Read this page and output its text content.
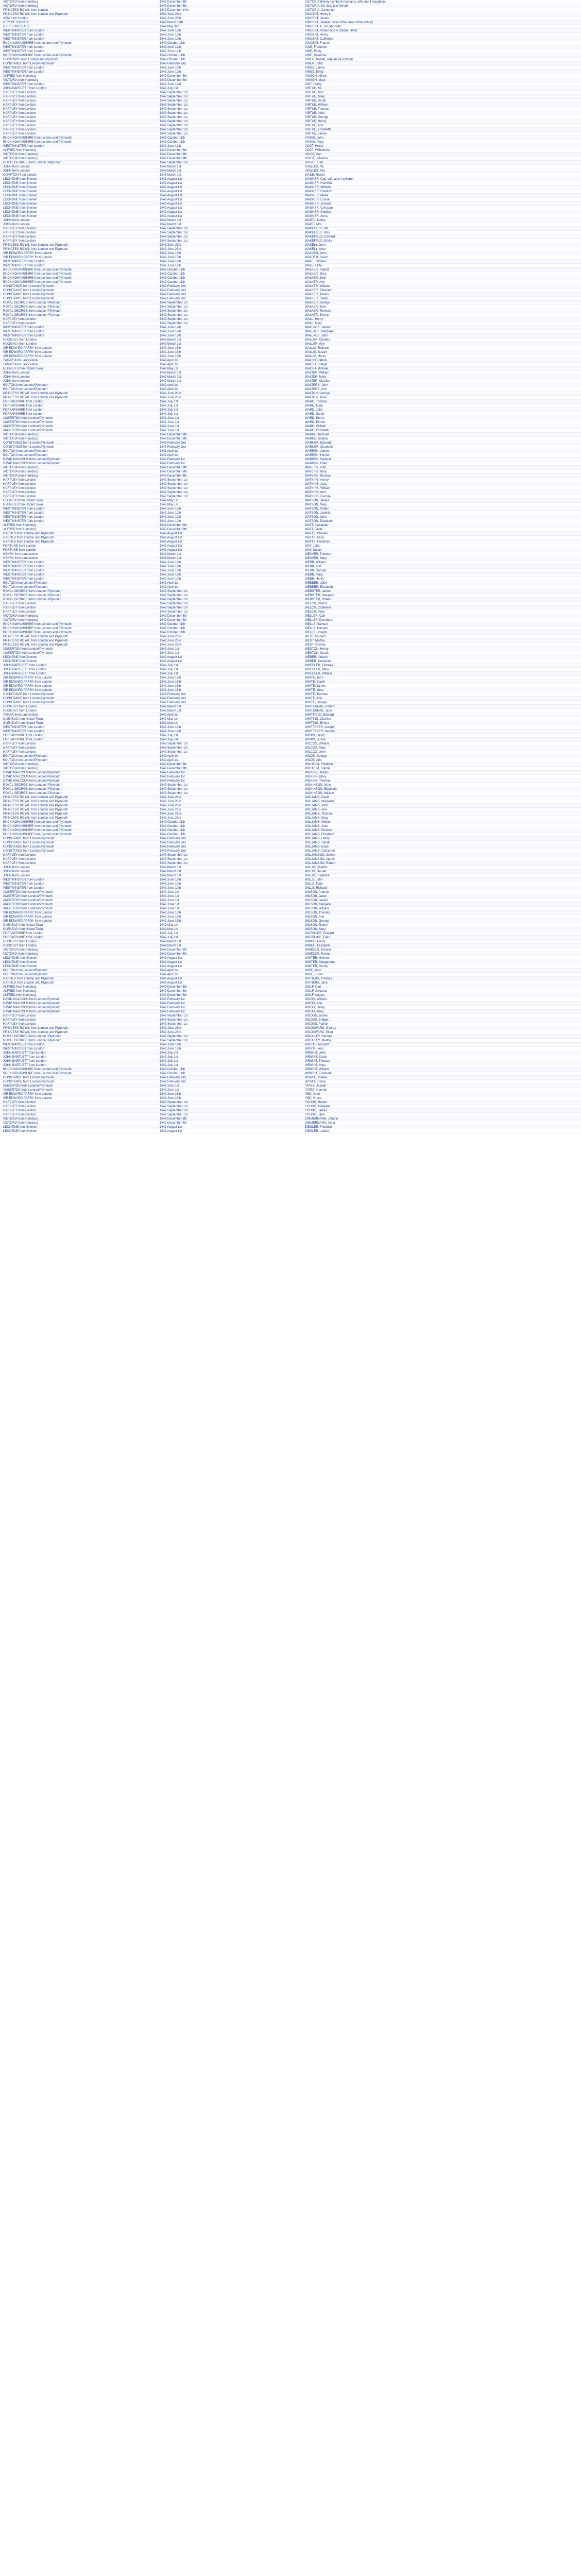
VICTORIA from Hamburg	1849 December 8th	VICTORIA (Henry Lambert) husband, wife and 4 daughters
VICTORIA from Hamburg	1849 December 8th	VICTORIA, Mr. Gao and female
PRINCESS ROYAL from London	1849 December 14th	VICTORIA, Catherine
PRINCESS ROYAL from London and Plymouth	1849 June 23rd	VINCENT, Henry L.
ASIA from London	1849 June 25th	VINCENT, James
CITY OF SYDNEY	1849 March 19th	VINCENT, Joseph - wife of the crew of the Asbury
HEREFORDSHIRE	1849 May 3rd	VINCENT, A. son and wife
WESTMINSTER from London	1849 June 12th	VINCENT, Robert and 4 children, Pilot
WESTMINSTER from London	1849 June 12th	VINCENT, Henry
WESTMINSTER from London	1849 June 12th	VINCENT, Catherine
BUCKINGHAMSHIRE from London and Plymouth	1849 October 11th	VINCENT, Francis
WESTMINSTER from London	1849 June 12th	VINE, Frederick
WESTMINSTER from London	1849 June 12th	VINE, Emily
BUCKINGHAMSHIRE from London and Plymouth	1849 October 11th	VINE, Susanna
DOCKYARD from London and Plymouth	1849 October 11th	VINER, Robert, wife and 4 children
CONSTANCE from London/Plymouth	1849 February 2nd	VINER, John
WESTMINSTER from London	1849 June 12th	VINES, James
WESTMINSTER from London	1849 June 12th	VINES, Emily
ALFRED from Hamburg	1849 December 8th	VINSON, Alfred
VICTORIA from Hamburg	1849 December 8th	VINSON, Mary
WESTMINSTER from London	1849 June 12th	VINT, Henry
JOHN BARTLETT from London	1849 July 1st	VIRTUE, Mr.
HARPLEY from London	1849 September 1st	VIRTUE, Mrs.
HARPLEY from London	1849 September 1st	VIRTUE, Mary
HARPLEY from London	1849 September 1st	VIRTUE, Sarah
HARPLEY from London	1849 September 1st	VIRTUE, William
HARPLEY from London	1849 September 1st	VIRTUE, Thomas
HARPLEY from London	1849 September 1st	VIRTUE, John
HARPLEY from London	1849 September 1st	VIRTUE, George
HARPLEY from London	1849 September 1st	VIRTUE, Henry
HARPLEY from London	1849 September 1st	VIRTUE, Ann
HARPLEY from London	1849 September 1st	VIRTUE, Elizabeth
HARPLEY from London	1849 September 1st	VIRTUE, James
BUCKINGHAMSHIRE from London and Plymouth	1849 October 11th	VIVIAN, John
BUCKINGHAMSHIRE from London and Plymouth	1849 October 11th	VIVIAN, Mary
WESTMINSTER from London	1849 June 12th	VOGT, Henry
ALFRED from Hamburg	1849 December 8th	VOGT, Wilhelmine
VICTORIA from Hamburg	1849 December 8th	VOIGT, Carl
VICTORIA from Hamburg	1849 December 8th	VOIGT, Johanna
ROYAL GEORGE from London / Plymouth	1849 September 1st	VOSPER, Mr.
JOHN from London	1849 March 1st	VOWLES, Mr.
JOHN from London	1849 March 1st	VOWLES, Mrs.
COMPTON from London	1849 March 1st	WADE, Robert
LEONTINE from Bremen	1849 August 1st	WAGNER, Carl, wife and 4 children
LEONTINE from Bremen	1849 August 1st	WAGNER, Heinrich
LEONTINE from Bremen	1849 August 1st	WAGNER, Wilhelm
LEONTINE from Bremen	1849 August 1st	WAGNER, Friedrich
LEONTINE from Bremen	1849 August 1st	WAGNER, Maria
LEONTINE from Bremen	1849 August 1st	WAGNER, Louise
LEONTINE from Bremen	1849 August 1st	WAGNER, Johann
LEONTINE from Bremen	1849 August 1st	WAGNER, Christian
LEONTINE from Bremen	1849 August 1st	WAGNER, Gottlieb
LEONTINE from Bremen	1849 August 1st	WAGNER, Anna
JOHN from London	1849 March 1st	WAITE, James
JOHN from London	1849 March 1st	WAITE, Mrs.
HARPLEY from London	1849 September 1st	WAKEFIELD, Mr.
HARPLEY from London	1849 September 1st	WAKEFIELD, Mrs.
HARPLEY from London	1849 September 1st	WAKEFIELD, Edward
HARPLEY from London	1849 September 1st	WAKEFIELD, Emily
PRINCESS ROYAL from London and Plymouth	1849 June 23rd	WAKELY, John
PRINCESS ROYAL from London and Plymouth	1849 June 23rd	WAKELY, Mary
SIR EDWARD PARRY from London	1849 June 15th	WALDEN, John
SIR EDWARD PARRY from London	1849 June 15th	WALDEN, Sarah
WESTMINSTER from London	1849 June 12th	WALE, Thomas
WESTMINSTER from London	1849 June 12th	WALE, Eliza
BUCKINGHAMSHIRE from London and Plymouth	1849 October 11th	WALKER, Robert
BUCKINGHAMSHIRE from London and Plymouth	1849 October 11th	WALKER, Mary
BUCKINGHAMSHIRE from London and Plymouth	1849 October 11th	WALKER, John
BUCKINGHAMSHIRE from London and Plymouth	1849 October 11th	WALKER, Ann
CONSTANCE from London/Plymouth	1849 February 2nd	WALKER, William
CONSTANCE from London/Plymouth	1849 February 2nd	WALKER, Elizabeth
CONSTANCE from London/Plymouth	1849 February 2nd	WALKER, James
CONSTANCE from London/Plymouth	1849 February 2nd	WALKER, Sarah
ROYAL GEORGE from London / Plymouth	1849 September 1st	WALKER, George
ROYAL GEORGE from London / Plymouth	1849 September 1st	WALKER, Jane
ROYAL GEORGE from London / Plymouth	1849 September 1st	WALKER, Thomas
ROYAL GEORGE from London / Plymouth	1849 September 1st	WALKER, Emma
HARPLEY from London	1849 September 1st	WALL, Henry
HARPLEY from London	1849 September 1st	WALL, Mary
WESTMINSTER from London	1849 June 12th	WALLACE, James
WESTMINSTER from London	1849 June 12th	WALLACE, Margaret
WESTMINSTER from London	1849 June 12th	WALLACE, John
HOOGHLY from London	1849 March 1st	WALLER, Charles
HOOGHLY from London	1849 March 1st	WALLER, Ann
SIR EDWARD PARRY from London	1849 June 15th	WALLIS, Richard
SIR EDWARD PARRY from London	1849 June 15th	WALLIS, Susan
SIR EDWARD PARRY from London	1849 June 15th	WALLIS, Henry
TAMAR from Launceston	1849 April 1st	WALSH, Patrick
TAMAR from Launceston	1849 April 1st	WALSH, Bridget
GLENELG from Hobart Town	1849 May 1st	WALSH, Michael
JOHN from London	1849 March 1st	WALTER, William
JOHN from London	1849 March 1st	WALTER, Mary
JOHN from London	1849 March 1st	WALTER, Charles
BOLTON from London/Plymouth	1849 April 1st	WALTERS, John
BOLTON from London/Plymouth	1849 April 1st	WALTERS, Ann
PRINCESS ROYAL from London and Plymouth	1849 June 23rd	WALTON, George
PRINCESS ROYAL from London and Plymouth	1849 June 23rd	WALTON, Jane
FORFARSHIRE from London	1849 July 1st	WARD, Thomas
FORFARSHIRE from London	1849 July 1st	WARD, Mary
FORFARSHIRE from London	1849 July 1st	WARD, John
FORFARSHIRE from London	1849 July 1st	WARD, Sarah
AMBERTON from London/Plymouth	1849 June 1st	WARD, Henry
AMBERTON from London/Plymouth	1849 June 1st	WARD, Emma
AMBERTON from London/Plymouth	1849 June 1st	WARD, William
AMBERTON from London/Plymouth	1849 June 1st	WARD, Elizabeth
VICTORIA from Hamburg	1849 December 8th	WARNE, Richard
VICTORIA from Hamburg	1849 December 8th	WARNE, Sophia
CONSTANCE from London/Plymouth	1849 February 2nd	WARNER, Edward
CONSTANCE from London/Plymouth	1849 February 2nd	WARNER, Charlotte
BOLTON from London/Plymouth	1849 April 1st	WARREN, James
BOLTON from London/Plymouth	1849 April 1st	WARREN, Harriet
DAVID MALCOLM from London/Plymouth	1849 February 1st	WARREN, Samuel
DAVID MALCOLM from London/Plymouth	1849 February 1st	WARREN, Ellen
VICTORIA from Hamburg	1849 December 8th	WATERS, John
VICTORIA from Hamburg	1849 December 8th	WATERS, Mary
VICTORIA from Hamburg	1849 December 8th	WATERS, Thomas
HARPLEY from London	1849 September 1st	WATKINS, Henry
HARPLEY from London	1849 September 1st	WATKINS, Jane
HARPLEY from London	1849 September 1st	WATKINS, William
HARPLEY from London	1849 September 1st	WATKINS, Ann
HARPLEY from London	1849 September 1st	WATKINS, George
GLENELG from Hobart Town	1849 May 1st	WATSON, James
GLENELG from Hobart Town	1849 May 1st	WATSON, Mary
WESTMINSTER from London	1849 June 12th	WATSON, Robert
WESTMINSTER from London	1849 June 12th	WATSON, Isabella
WESTMINSTER from London	1849 June 12th	WATSON, John
WESTMINSTER from London	1849 June 12th	WATSON, Elizabeth
ALFRED from Hamburg	1849 December 8th	WATT, Alexander
ALFRED from Hamburg	1849 December 8th	WATT, Janet
HAROLD from London and Plymouth	1849 August 1st	WATTS, Charles
HAROLD from London and Plymouth	1849 August 1st	WATTS, Eliza
HAROLD from London and Plymouth	1849 August 1st	WATTS, Frederick
FORTUNE from London	1849 August 1st	WAY, John
FORTUNE from London	1849 August 1st	WAY, Susan
HENRY from Launceston	1849 March 1st	WEAVER, Thomas
HENRY from Launceston	1849 March 1st	WEAVER, Mary
WESTMINSTER from London	1849 June 12th	WEBB, William
WESTMINSTER from London	1849 June 12th	WEBB, Ann
WESTMINSTER from London	1849 June 12th	WEBB, George
WESTMINSTER from London	1849 June 12th	WEBB, Mary
WESTMINSTER from London	1849 June 12th	WEBB, Henry
BOLTON from London/Plymouth	1849 April 1st	WEBBER, John
BOLTON from London/Plymouth	1849 April 1st	WEBBER, Elizabeth
ROYAL GEORGE from London / Plymouth	1849 September 1st	WEBSTER, James
ROYAL GEORGE from London / Plymouth	1849 September 1st	WEBSTER, Margaret
ROYAL GEORGE from London / Plymouth	1849 September 1st	WEBSTER, Robert
HARPLEY from London	1849 September 1st	WELCH, Patrick
HARPLEY from London	1849 September 1st	WELCH, Catherine
HARPLEY from London	1849 September 1st	WELCH, Mary
VICTORIA from Hamburg	1849 December 8th	WELLER, Carl
VICTORIA from Hamburg	1849 December 8th	WELLER, Dorothea
BUCKINGHAMSHIRE from London and Plymouth	1849 October 11th	WELLS, Samuel
BUCKINGHAMSHIRE from London and Plymouth	1849 October 11th	WELLS, Hannah
BUCKINGHAMSHIRE from London and Plymouth	1849 October 11th	WELLS, Joseph
PRINCESS ROYAL from London and Plymouth	1849 June 23rd	WEST, Richard
PRINCESS ROYAL from London and Plymouth	1849 June 23rd	WEST, Martha
PRINCESS ROYAL from London and Plymouth	1849 June 23rd	WEST, Charles
AMBERTON from London/Plymouth	1849 June 1st	WESTON, Henry
AMBERTON from London/Plymouth	1849 June 1st	WESTON, Sarah
LEONTINE from Bremen	1849 August 1st	WEBER, Johann
LEONTINE from Bremen	1849 August 1st	WEBER, Catharina
JOHN BARTLETT from London	1849 July 1st	WHEELER, Thomas
JOHN BARTLETT from London	1849 July 1st	WHEELER, Mary
JOHN BARTLETT from London	1849 July 1st	WHEELER, William
SIR EDWARD PARRY from London	1849 June 15th	WHITE, John
SIR EDWARD PARRY from London	1849 June 15th	WHITE, Sarah
SIR EDWARD PARRY from London	1849 June 15th	WHITE, James
SIR EDWARD PARRY from London	1849 June 15th	WHITE, Mary
CONSTANCE from London/Plymouth	1849 February 2nd	WHITE, Thomas
CONSTANCE from London/Plymouth	1849 February 2nd	WHITE, Ann
CONSTANCE from London/Plymouth	1849 February 2nd	WHITE, George
HOOGHLY from London	1849 March 1st	WHITEHEAD, Robert
HOOGHLY from London	1849 March 1st	WHITEHEAD, Jane
TAMAR from Launceston	1849 April 1st	WHITFIELD, Edward
GLENELG from Hobart Town	1849 May 1st	WHITING, Charles
GLENELG from Hobart Town	1849 May 1st	WHITING, Emma
WESTMINSTER from London	1849 June 12th	WHITTAKER, Joseph
WESTMINSTER from London	1849 June 12th	WHITTAKER, Hannah
FORFARSHIRE from London	1849 July 1st	WICKS, Henry
FORFARSHIRE from London	1849 July 1st	WICKS, Susan
HARPLEY from London	1849 September 1st	WILCOX, William
HARPLEY from London	1849 September 1st	WILCOX, Mary
HARPLEY from London	1849 September 1st	WILCOX, John
BOLTON from London/Plymouth	1849 April 1st	WILDE, George
BOLTON from London/Plymouth	1849 April 1st	WILDE, Ann
VICTORIA from Hamburg	1849 December 8th	WILHELM, Friedrich
VICTORIA from Hamburg	1849 December 8th	WILHELM, Sophie
DAVID MALCOLM from London/Plymouth	1849 February 1st	WILKINS, James
DAVID MALCOLM from London/Plymouth	1849 February 1st	WILKINS, Mary
DAVID MALCOLM from London/Plymouth	1849 February 1st	WILKINS, Thomas
ROYAL GEORGE from London / Plymouth	1849 September 1st	WILKINSON, John
ROYAL GEORGE from London / Plymouth	1849 September 1st	WILKINSON, Elizabeth
ROYAL GEORGE from London / Plymouth	1849 September 1st	WILKINSON, William
PRINCESS ROYAL from London and Plymouth	1849 June 23rd	WILLIAMS, David
PRINCESS ROYAL from London and Plymouth	1849 June 23rd	WILLIAMS, Margaret
PRINCESS ROYAL from London and Plymouth	1849 June 23rd	WILLIAMS, John
PRINCESS ROYAL from London and Plymouth	1849 June 23rd	WILLIAMS, Ann
PRINCESS ROYAL from London and Plymouth	1849 June 23rd	WILLIAMS, Thomas
PRINCESS ROYAL from London and Plymouth	1849 June 23rd	WILLIAMS, Mary
BUCKINGHAMSHIRE from London and Plymouth	1849 October 11th	WILLIAMS, William
BUCKINGHAMSHIRE from London and Plymouth	1849 October 11th	WILLIAMS, Jane
BUCKINGHAMSHIRE from London and Plymouth	1849 October 11th	WILLIAMS, Richard
BUCKINGHAMSHIRE from London and Plymouth	1849 October 11th	WILLIAMS, Elizabeth
CONSTANCE from London/Plymouth	1849 February 2nd	WILLIAMS, Henry
CONSTANCE from London/Plymouth	1849 February 2nd	WILLIAMS, Sarah
CONSTANCE from London/Plymouth	1849 February 2nd	WILLIAMS, Evan
CONSTANCE from London/Plymouth	1849 February 2nd	WILLIAMS, Catherine
HARPLEY from London	1849 September 1st	WILLIAMSON, James
HARPLEY from London	1849 September 1st	WILLIAMSON, Agnes
HARPLEY from London	1849 September 1st	WILLIAMSON, Robert
JOHN from London	1849 March 1st	WILLIS, Charles
JOHN from London	1849 March 1st	WILLIS, Harriet
JOHN from London	1849 March 1st	WILLIS, Frederick
WESTMINSTER from London	1849 June 12th	WILLS, John
WESTMINSTER from London	1849 June 12th	WILLS, Mary
WESTMINSTER from London	1849 June 12th	WILLS, Richard
AMBERTON from London/Plymouth	1849 June 1st	WILSON, Andrew
AMBERTON from London/Plymouth	1849 June 1st	WILSON, Janet
AMBERTON from London/Plymouth	1849 June 1st	WILSON, James
AMBERTON from London/Plymouth	1849 June 1st	WILSON, Margaret
AMBERTON from London/Plymouth	1849 June 1st	WILSON, William
SIR EDWARD PARRY from London	1849 June 15th	WILSON, Thomas
SIR EDWARD PARRY from London	1849 June 15th	WILSON, Ann
SIR EDWARD PARRY from London	1849 June 15th	WILSON, George
GLENELG from Hobart Town	1849 May 1st	WILSON, Robert
GLENELG from Hobart Town	1849 May 1st	WILSON, Mary
FORFARSHIRE from London	1849 July 1st	WILTSHIRE, Edward
FORFARSHIRE from London	1849 July 1st	WILTSHIRE, Ellen
HOOGHLY from London	1849 March 1st	WINCH, Henry
HOOGHLY from London	1849 March 1st	WINCH, Elizabeth
VICTORIA from Hamburg	1849 December 8th	WINKLER, Johann
VICTORIA from Hamburg	1849 December 8th	WINKLER, Rosina
LEONTINE from Bremen	1849 August 1st	WINTER, Heinrich
LEONTINE from Bremen	1849 August 1st	WINTER, Margaretha
LEONTINE from Bremen	1849 August 1st	WINTER, Georg
BOLTON from London/Plymouth	1849 April 1st	WISE, John
BOLTON from London/Plymouth	1849 April 1st	WISE, Susan
HAROLD from London and Plymouth	1849 August 1st	WITHERS, Thomas
HAROLD from London and Plymouth	1849 August 1st	WITHERS, Jane
ALFRED from Hamburg	1849 December 8th	WOLF, Carl
ALFRED from Hamburg	1849 December 8th	WOLF, Johanna
ALFRED from Hamburg	1849 December 8th	WOLF, August
DAVID MALCOLM from London/Plymouth	1849 February 1st	WOOD, William
DAVID MALCOLM from London/Plymouth	1849 February 1st	WOOD, Ann
DAVID MALCOLM from London/Plymouth	1849 February 1st	WOOD, Henry
DAVID MALCOLM from London/Plymouth	1849 February 1st	WOOD, Mary
HARPLEY from London	1849 September 1st	WOODS, James
HARPLEY from London	1849 September 1st	WOODS, Bridget
HARPLEY from London	1849 September 1st	WOODS, Patrick
PRINCESS ROYAL from London and Plymouth	1849 June 23rd	WOODWARD, George
PRINCESS ROYAL from London and Plymouth	1849 June 23rd	WOODWARD, Ellen
ROYAL GEORGE from London / Plymouth	1849 September 1st	WOOLLEY, Samuel
ROYAL GEORGE from London / Plymouth	1849 September 1st	WOOLLEY, Martha
WESTMINSTER from London	1849 June 12th	WORTH, Richard
WESTMINSTER from London	1849 June 12th	WORTH, Ann
JOHN BARTLETT from London	1849 July 1st	WRIGHT, John
JOHN BARTLETT from London	1849 July 1st	WRIGHT, Sarah
JOHN BARTLETT from London	1849 July 1st	WRIGHT, Thomas
JOHN BARTLETT from London	1849 July 1st	WRIGHT, Mary
BUCKINGHAMSHIRE from London and Plymouth	1849 October 11th	WRIGHT, William
BUCKINGHAMSHIRE from London and Plymouth	1849 October 11th	WRIGHT, Elizabeth
CONSTANCE from London/Plymouth	1849 February 2nd	WYATT, Charles
CONSTANCE from London/Plymouth	1849 February 2nd	WYATT, Emma
AMBERTON from London/Plymouth	1849 June 1st	YATES, Joseph
AMBERTON from London/Plymouth	1849 June 1st	YATES, Hannah
SIR EDWARD PARRY from London	1849 June 15th	YEO, John
SIR EDWARD PARRY from London	1849 June 15th	YEO, Grace
HARPLEY from London	1849 September 1st	YOUNG, Robert
HARPLEY from London	1849 September 1st	YOUNG, Margaret
HARPLEY from London	1849 September 1st	YOUNG, James
HARPLEY from London	1849 September 1st	YOUNG, Jane
VICTORIA from Hamburg	1849 December 8th	ZIMMERMANN, Johann
VICTORIA from Hamburg	1849 December 8th	ZIMMERMANN, Anna
LEONTINE from Bremen	1849 August 1st	ZIEGLER, Friedrich
LEONTINE from Bremen	1849 August 1st	ZIEGLER, Louise
